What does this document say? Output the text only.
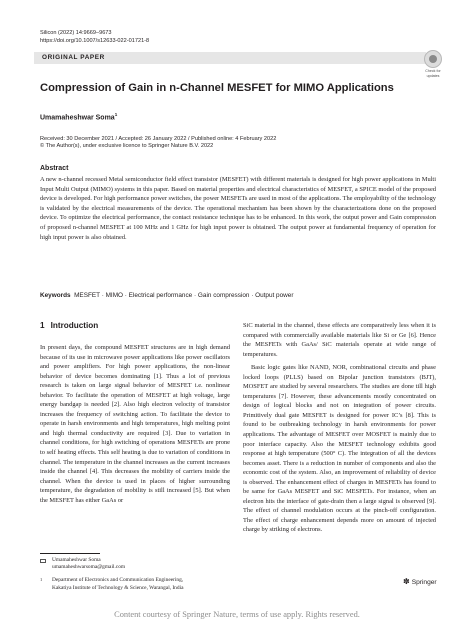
Silicon (2022) 14:9669–9673
https://doi.org/10.1007/s12633-022-01721-8
ORIGINAL PAPER
Check for
updates
Compression of Gain in n-Channel MESFET for MIMO Applications
Umamaheshwar Soma$^1$
Received: 30 December 2021 / Accepted: 26 January 2022 / Published online: 4 February 2022
© The Author(s), under exclusive licence to Springer Nature B.V. 2022
Abstract

A new n-channel recessed Metal semiconductor field effect transistor (MESFET) with different materials is designed for high power applications in Multi Input Multi Output (MIMO) systems in this paper. Based on material properties and electrical characteristics of MESFET, a SPICE model of the proposed device is developed. For high performance power switches, the power MESFETs are used in most of the applications. The employability of the technology is validated by the electrical measurements of the device. The operational mechanism has been shown by the characterizations done on the proposed device. To optimize the electrical performance, the contact resistance technique has to be enhanced. In this work, the output power and Gain compression of proposed n-channel MESFET at 100 MHz and 1 GHz for high input power is obtained. The output power at fundamental frequency of operation for high input power is also obtained.

Keywords MESFET · MIMO · Electrical performance · Gain compression · Output power
1 Introduction

In present days, the compound MESFET structures are in high demand because of its use in microwave power applications like power oscillators and power amplifiers. For high power applications, the non-linear behavior of device becomes dominating [1]. Thus a lot of previous research is taken on large signal behavior of MESFET i.e. nonlinear behavior. To facilitate the operation of MESFET at high voltage, large energy bandgap is needed [2]. Also high electron velocity of transistor increases the frequency of switching action. To facilitate the device to operate in harsh environments and high temperatures, high melting point and high thermal conductivity are required [3]. Due to variation in channel conditions, for high switching of operations MESFETs are prone to self heating effects. This self heating is due to variation of conditions in channel. The temperature in the channel increases as the current increases inside the channel [4]. This decreases the mobility of carriers inside the channel. When the device is used in places of higher surrounding temperature, the degradation of mobility is still increased [5]. But when the MESFET has either GaAs or

SiC material in the channel, these effects are comparatively less when it is compared with commercially available materials like Si or Ge [6]. Hence the MESFETs with GaAs/ SiC materials operate at wide range of temperatures.

Basic logic gates like NAND, NOR, combinational circuits and phase locked loops (PLLS) based on Bipolar junction transistors (BJT), MOSFET are studied by several researchers. The studies are done till high temperatures [7]. However, these advancements mostly concentrated on design of logical blocks and not on integration of power circuits. Primitively dual gate MESFET is designed for power IC’s [8]. This is found to be outbreaking technology in harsh environments for power applications. The advantage of MESFET over MOSFET is mainly due to poor interface capacity. Also the MESFET technology exhibits good response at high temperature (500° C). The integration of all the devices becomes asset. There is a reduction in number of components and also the economic cost of the system. Also, an improvement of reliability of device is observed. The enhancement effect of charges in MESFETs has found to be same for GaAs MESFET and SiC MESFETs. For instance, when an electron hits the interface of gate-drain then a large signal is observed [9]. The effect of channel modulation occurs at the pinch-off configuration. The effect of charge enhancement depends more on amount of injected charge by striking of electrons.

Umamaheshwar Soma
umamaheshwarsoma@gmail.com
1 Department of Electronics and Communication Engineering,
Kakatiya Institute of Technology & Science, Warangal, India
✽ Springer
Content courtesy of Springer Nature, terms of use apply. Rights reserved.
